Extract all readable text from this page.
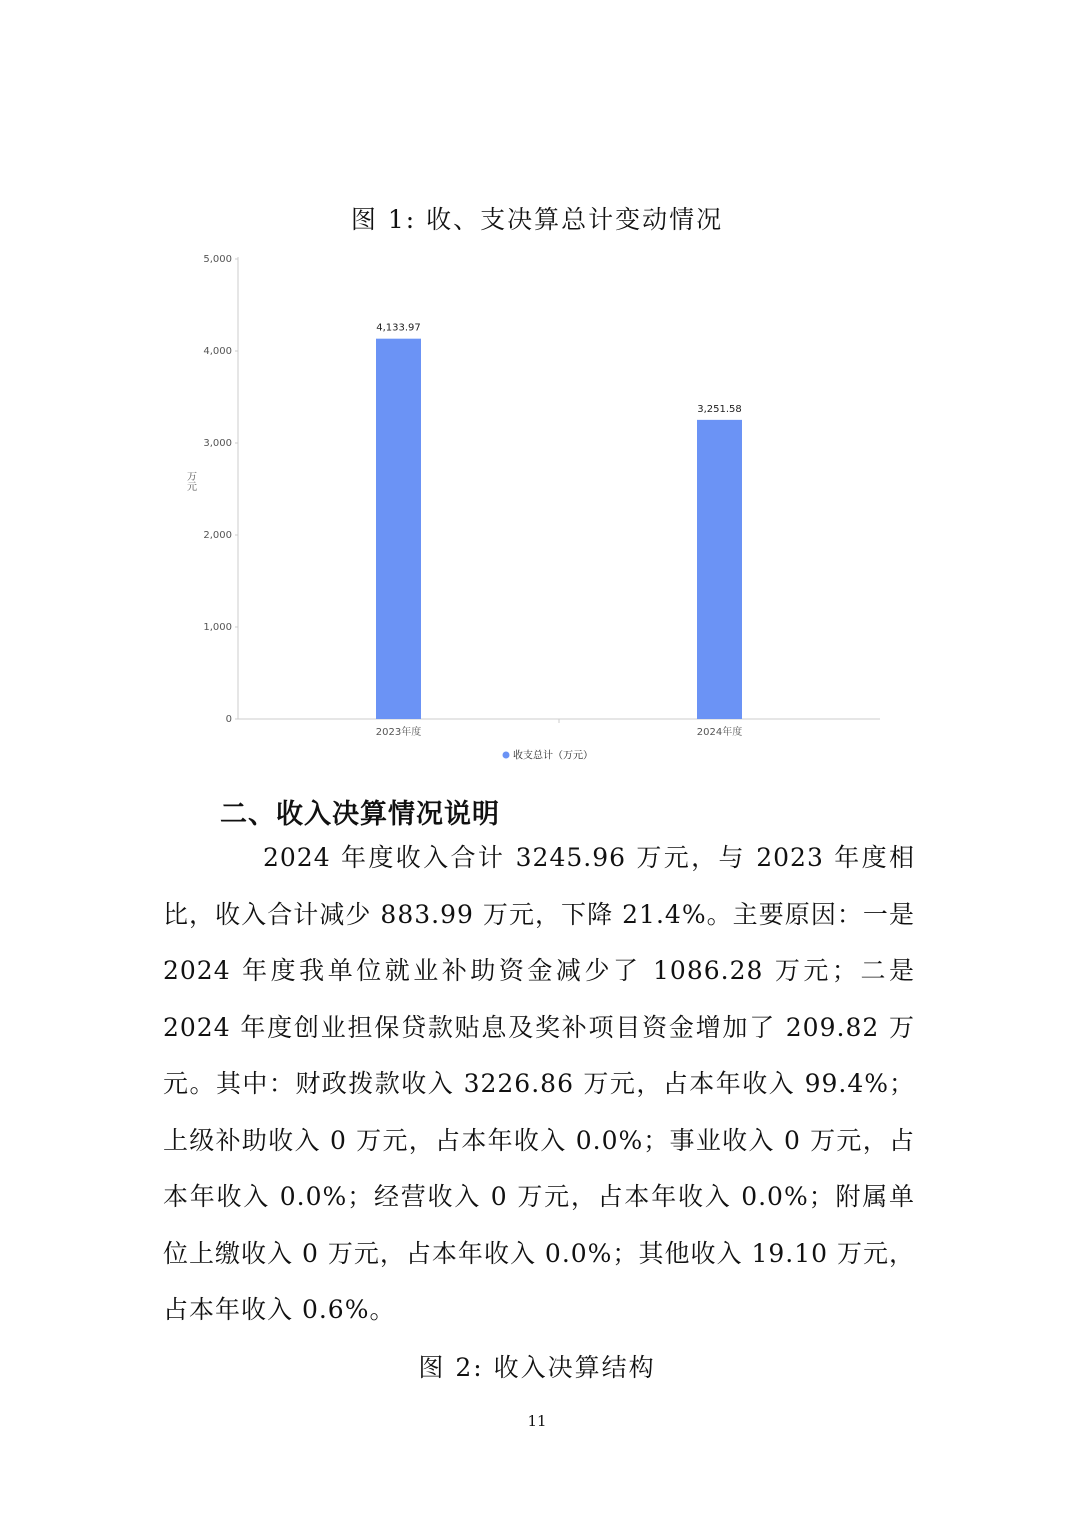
图 1: 收、支决算总计变动情况
0
1,000
2,000
3,000
4,000
5,000
万元
4,133.97
3,251.58
2023年度	2024年度
收支总计（万元）
二、收入决算情况说明

2024 年度收入合计 3245.96 万元，与 2023 年度相比，收入合计减少 883.99 万元，下降 21.4%。主要原因：一是 2024 年度我单位就业补助资金减少了 1086.28 万元；二是 2024 年度创业担保贷款贴息及奖补项目资金增加了 209.82 万元。其中：财政拨款收入 3226.86 万元，占本年收入 99.4%；上级补助收入 0 万元，占本年收入 0.0%；事业收入 0 万元，占本年收入 0.0%；经营收入 0 万元，占本年收入 0.0%；附属单位上缴收入 0 万元，占本年收入 0.0%；其他收入 19.10 万元，占本年收入 0.6%。

图 2: 收入决算结构
11
